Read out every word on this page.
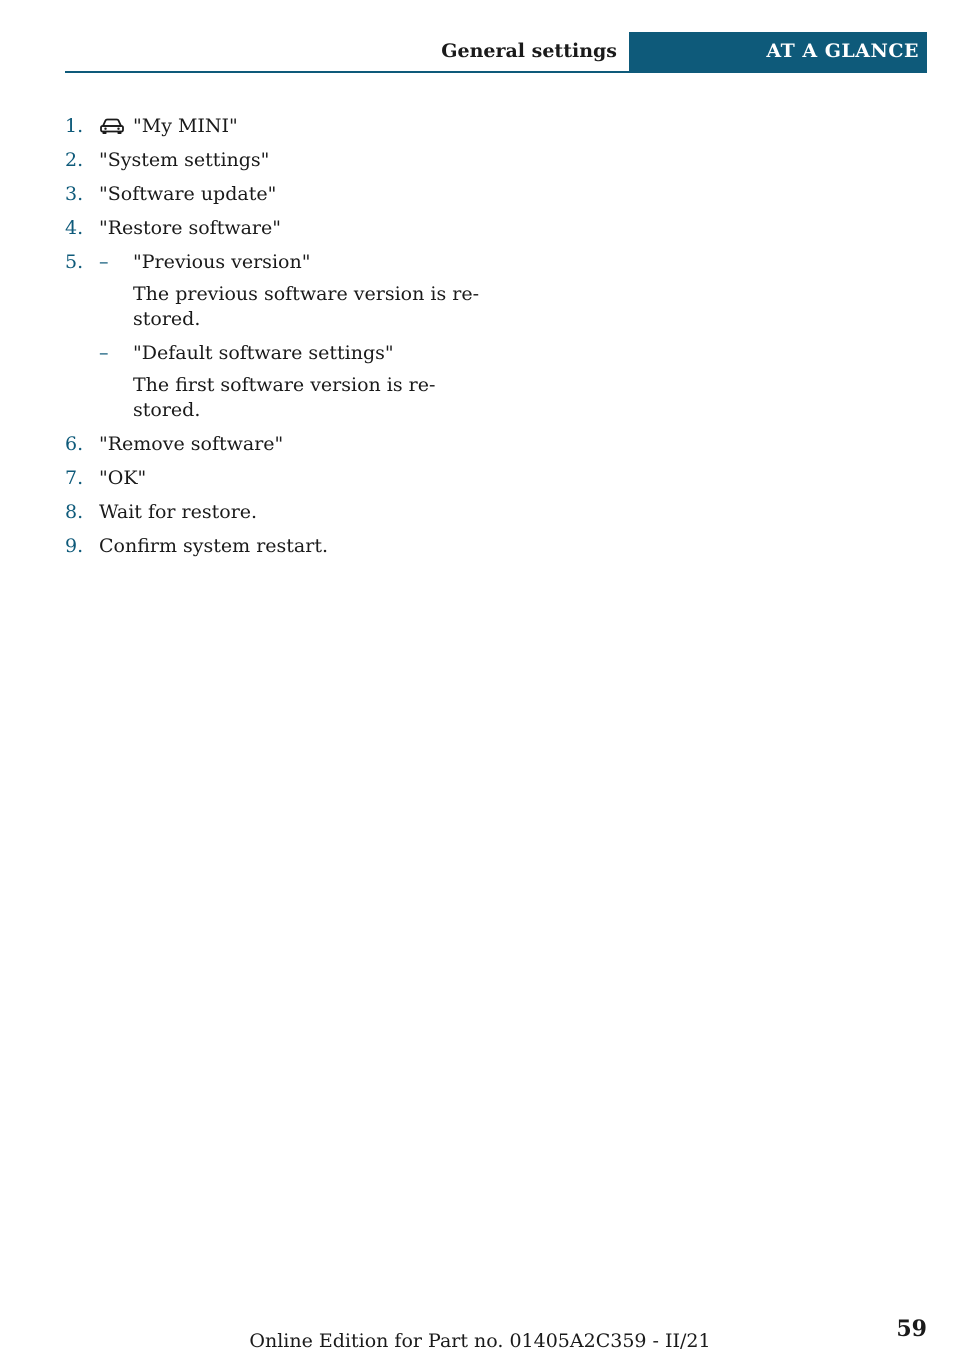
General settings	AT A GLANCE
1.	"My MINI"
2. "System settings"
3. "Software update"
4. "Restore software"
5. – "Previous version"
The previous software version is re-stored.
– "Default software settings"
The first software version is re-stored.
6. "Remove software"
7. "OK"
8. Wait for restore.
9. Confirm system restart.
Online Edition for Part no. 01405A2C359 - II/21	59
